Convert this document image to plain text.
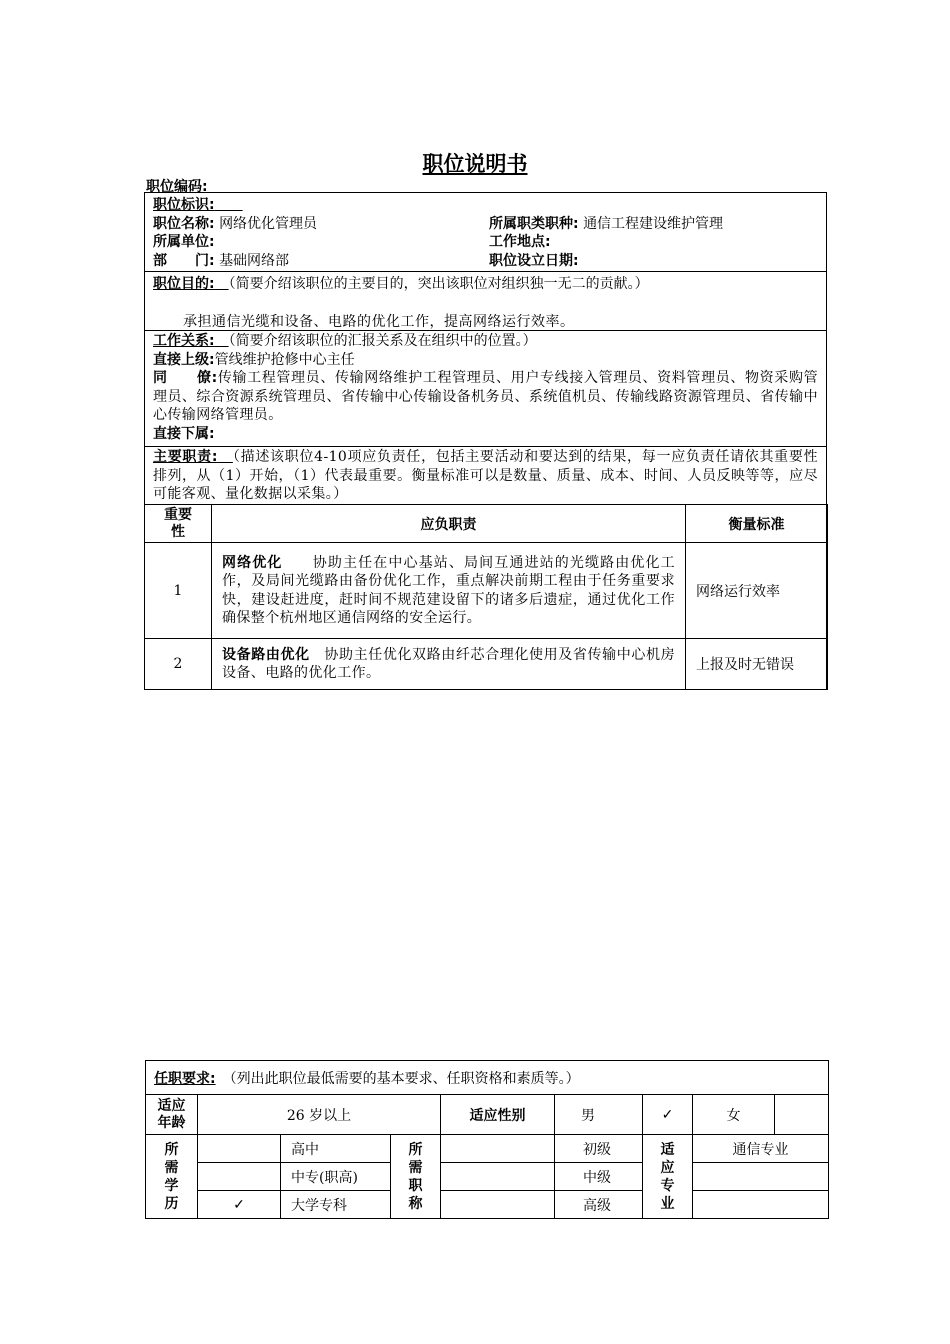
职位说明书
职位编码:
职位标识:　　
职位名称: 网络优化管理员	所属职类职种: 通信工程建设维护管理
所属单位:	工作地点:
部　　门: 基础网络部	职位设立日期:
职位目的:　 （简要介绍该职位的主要目的，突出该职位对组织独一无二的贡献。）
承担通信光缆和设备、电路的优化工作，提高网络运行效率。
工作关系:　 （简要介绍该职位的汇报关系及在组织中的位置。）
直接上级:管线维护抢修中心主任
同　　僚:传输工程管理员、传输网络维护工程管理员、用户专线接入管理员、资料管理员、物资采购管理员、综合资源系统管理员、省传输中心传输设备机务员、系统值机员、传输线路资源管理员、省传输中心传输网络管理员。
直接下属:
主要职责:　 （描述该职位4-10项应负责任，包括主要活动和要达到的结果，每一应负责任请依其重要性排列，从（1）开始，（1）代表最重要。衡量标准可以是数量、质量、成本、时间、人员反映等等，应尽可能客观、量化数据以采集。）
重要性	应负职责	衡量标准
1	网络优化　　 协助主任在中心基站、局间互通进站的光缆路由优化工作，及局间光缆路由备份优化工作，重点解决前期工程由于任务重要求快，建设赶进度，赶时间不规范建设留下的诸多后遗症，通过优化工作确保整个杭州地区通信网络的安全运行。	网络运行效率
2	设备路由优化　 协助主任优化双路由纤芯合理化使用及省传输中心机房设备、电路的优化工作。	上报及时无错误
任职要求:　 （列出此职位最低需要的基本要求、任职资格和素质等。）								
适应年龄	26 岁以上			适应性别	男	✓	女	
所需学历		高中	所需职称		初级	适应专业	通信专业	
		中专(职高)			中级			
	✓	大学专科			高级			
